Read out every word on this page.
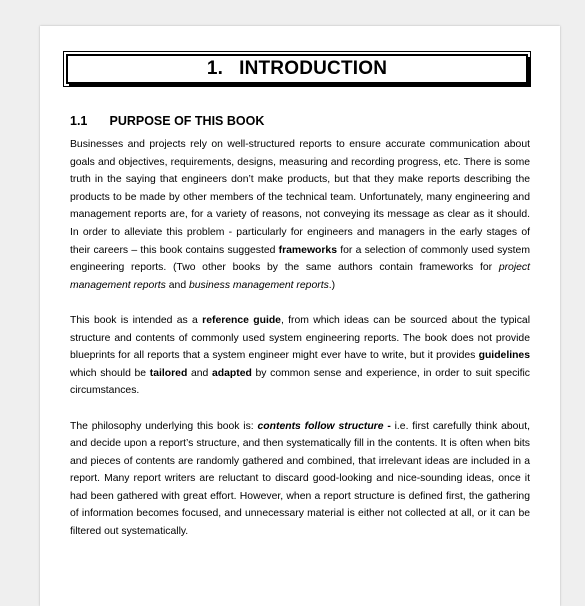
1. INTRODUCTION
1.1 PURPOSE OF THIS BOOK

Businesses and projects rely on well-structured reports to ensure accurate communication about goals and objectives, requirements, designs, measuring and recording progress, etc. There is some truth in the saying that engineers don’t make products, but that they make reports describing the products to be made by other members of the technical team. Unfortunately, many engineering and management reports are, for a variety of reasons, not conveying its message as clear as it should. In order to alleviate this problem - particularly for engineers and managers in the early stages of their careers – this book contains suggested frameworks for a selection of commonly used system engineering reports. (Two other books by the same authors contain frameworks for project management reports and business management reports.)

This book is intended as a reference guide, from which ideas can be sourced about the typical structure and contents of commonly used system engineering reports. The book does not provide blueprints for all reports that a system engineer might ever have to write, but it provides guidelines which should be tailored and adapted by common sense and experience, in order to suit specific circumstances.

The philosophy underlying this book is: contents follow structure - i.e. first carefully think about, and decide upon a report’s structure, and then systematically fill in the contents. It is often when bits and pieces of contents are randomly gathered and combined, that irrelevant ideas are included in a report. Many report writers are reluctant to discard good-looking and nice-sounding ideas, once it had been gathered with great effort. However, when a report structure is defined first, the gathering of information becomes focused, and unnecessary material is either not collected at all, or it can be filtered out systematically.
